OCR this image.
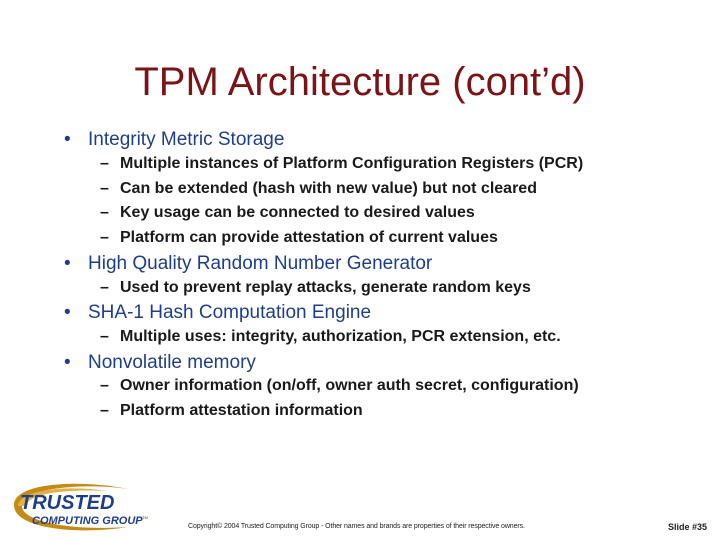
TPM Architecture (cont’d)
• Integrity Metric Storage
– Multiple instances of Platform Configuration Registers (PCR)
– Can be extended (hash with new value) but not cleared
– Key usage can be connected to desired values
– Platform can provide attestation of current values
• High Quality Random Number Generator
– Used to prevent replay attacks, generate random keys
• SHA-1 Hash Computation Engine
– Multiple uses: integrity, authorization, PCR extension, etc.
• Nonvolatile memory
– Owner information (on/off, owner auth secret, configuration)
– Platform attestation information
TRUSTED
COMPUTING GROUP TM
Copyright© 2004 Trusted Computing Group - Other names and brands are properties of their respective owners.	Slide #35
